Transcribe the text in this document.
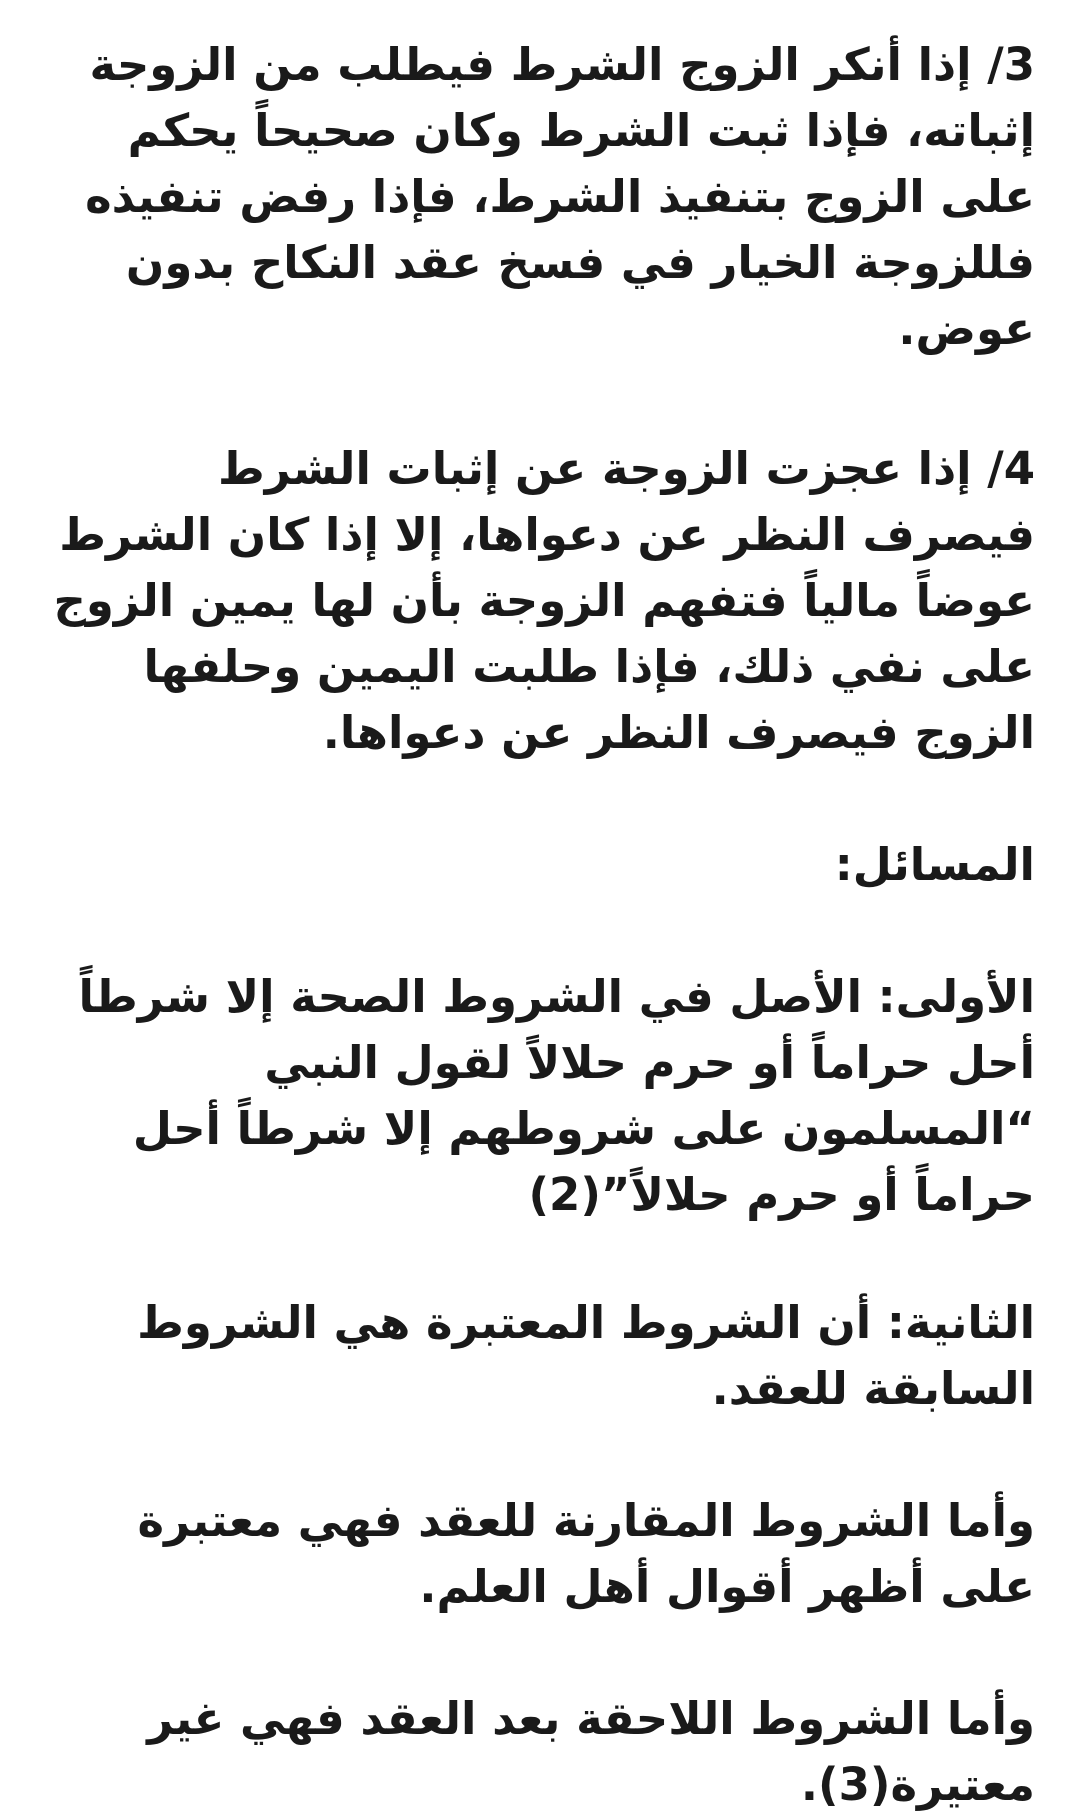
3/ إذا أنكر الزوج الشرط فيطلب من الزوجة إثباته، فإذا ثبت الشرط وكان صحيحاً يحكم على الزوج بتنفيذ الشرط، فإذا رفض تنفيذه فللزوجة الخيار في فسخ عقد النكاح بدون عوض.

4/ إذا عجزت الزوجة عن إثبات الشرط فيصرف النظر عن دعواها، إلا إذا كان الشرط عوضاً مالياً فتفهم الزوجة بأن لها يمين الزوج على نفي ذلك، فإذا طلبت اليمين وحلفها الزوج فيصرف النظر عن دعواها.

المسائل:

الأولى: الأصل في الشروط الصحة إلا شرطاً أحل حراماً أو حرم حلالاً لقول النبي “المسلمون على شروطهم إلا شرطاً أحل حراماً أو حرم حلالاً”(2)

الثانية: أن الشروط المعتبرة هي الشروط السابقة للعقد.

وأما الشروط المقارنة للعقد فهي معتبرة على أظهر أقوال أهل العلم.

وأما الشروط اللاحقة بعد العقد فهي غير معتيرة(3).
